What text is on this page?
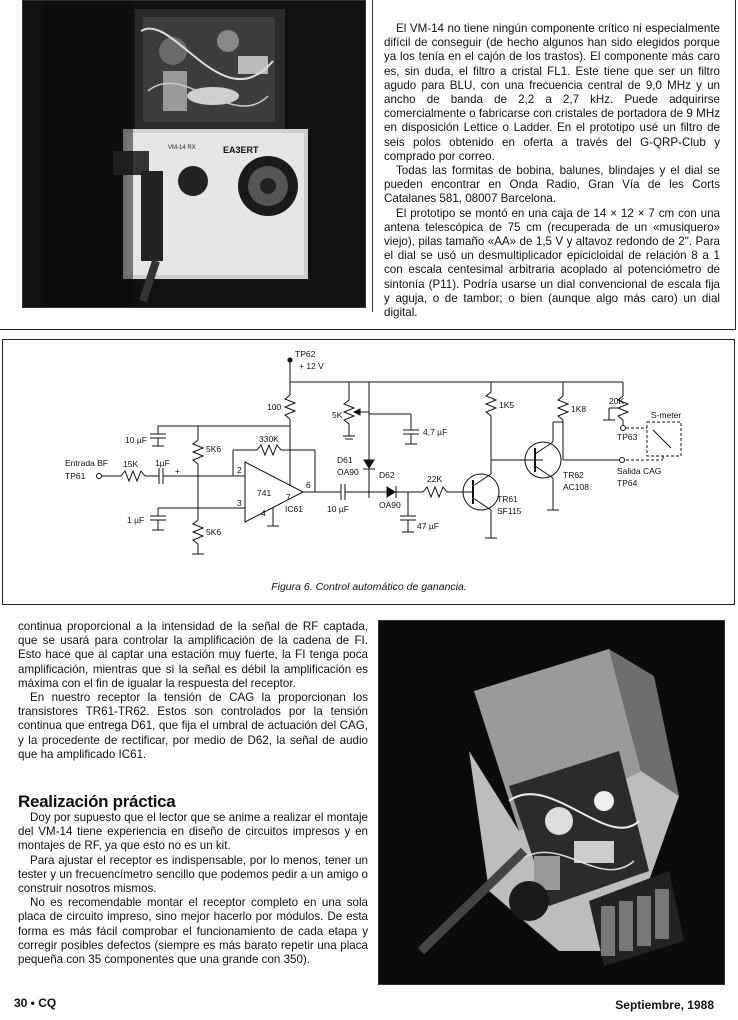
EA3ERT
VM-14 RX

El VM-14 no tiene ningún componente crítico ni especialmente difícil de conseguir (de hecho algunos han sido elegidos porque ya los tenía en el cajón de los trastos). El componente más caro es, sin duda, el filtro a cristal FL1. Este tiene que ser un filtro agudo para BLU, con una frecuencia central de 9,0 MHz y un ancho de banda de 2,2 a 2,7 kHz. Puede adquirirse comercialmente o fabricarse con cristales de portadora de 9 MHz en disposición Lettice o Ladder. En el prototipo usé un filtro de seis polos obtenido en oferta a través del G-QRP-Club y comprado por correo.

Todas las formitas de bobina, balunes, blindajes y el dial se pueden encontrar en Onda Radio, Gran Vía de les Corts Catalanes 581, 08007 Barcelona.

El prototipo se montó en una caja de 14 × 12 × 7 cm con una antena telescópica de 75 cm (recuperada de un «musiquero» viejo), pilas tamaño «AA» de 1,5 V y altavoz redondo de 2". Para el dial se usó un desmultiplicador epicicloidal de relación 8 a 1 con escala centesimal arbitraria acoplado al potenciómetro de sintonía (P11). Podría usarse un dial convencional de escala fija y aguja, o de tambor; o bien (aunque algo más caro) un dial digital.

TP62
+ 12 V
100
5K
4,7 µF
10 µF
5K6
330K
Entrada BF
TP61
15K 1µF
+	2
3
4
6
7
741
IC61
1 µF
5K6
D61
OA90 D62
OA90
10 µF
22K
47 µF
1K5
TR61
SF115
1K8
TR62
AC108
20K
TP63
S-meter
Salida CAG
TP64
Figura 6. Control automático de ganancia.

continua proporcional a la intensidad de la señal de RF captada, que se usará para controlar la amplificación de la cadena de FI. Esto hace que al captar una estación muy fuerte, la FI tenga poca amplificación, mientras que si la señal es débil la amplificación es máxima con el fin de igualar la respuesta del receptor.

En nuestro receptor la tensión de CAG la proporcionan los transistores TR61-TR62. Estos son controlados por la tensión continua que entrega D61, que fija el umbral de actuación del CAG, y la procedente de rectificar, por medio de D62, la señal de audio que ha amplificado IC61.

Realización práctica

Doy por supuesto que el lector que se anime a realizar el montaje del VM-14 tiene experiencia en diseño de circuitos impresos y en montajes de RF, ya que esto no es un kit.

Para ajustar el receptor es indispensable, por lo menos, tener un tester y un frecuencímetro sencillo que podemos pedir a un amigo o construir nosotros mismos.

No es recomendable montar el receptor completo en una sola placa de circuito impreso, sino mejor hacerlo por módulos. De esta forma es más fácil comprobar el funcionamiento de cada etapa y corregir posibles defectos (siempre es más barato repetir una placa pequeña con 35 componentes que una grande con 350).

30 • CQ	Septiembre, 1988
